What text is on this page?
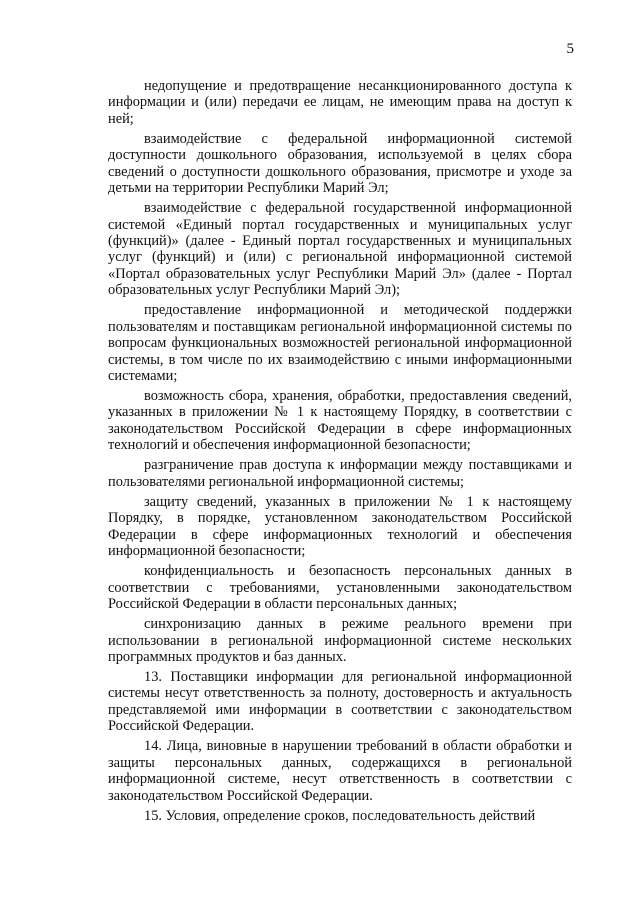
5

недопущение и предотвращение несанкционированного доступа к информации и (или) передачи ее лицам, не имеющим права на доступ к ней;

взаимодействие с федеральной информационной системой доступности дошкольного образования, используемой в целях сбора сведений о доступности дошкольного образования, присмотре и уходе за детьми на территории Республики Марий Эл;

взаимодействие с федеральной государственной информационной системой «Единый портал государственных и муниципальных услуг (функций)» (далее - Единый портал государственных и муниципальных услуг (функций) и (или) с региональной информационной системой «Портал образовательных услуг Республики Марий Эл» (далее - Портал образовательных услуг Республики Марий Эл);

предоставление информационной и методической поддержки пользователям и поставщикам региональной информационной системы по вопросам функциональных возможностей региональной информационной системы, в том числе по их взаимодействию с иными информационными системами;

возможность сбора, хранения, обработки, предоставления сведений, указанных в приложении № 1 к настоящему Порядку, в соответствии с законодательством Российской Федерации в сфере информационных технологий и обеспечения информационной безопасности;

разграничение прав доступа к информации между поставщиками и пользователями региональной информационной системы;

защиту сведений, указанных в приложении № 1 к настоящему Порядку, в порядке, установленном законодательством Российской Федерации в сфере информационных технологий и обеспечения информационной безопасности;

конфиденциальность и безопасность персональных данных в соответствии с требованиями, установленными законодательством Российской Федерации в области персональных данных;

синхронизацию данных в режиме реального времени при использовании в региональной информационной системе нескольких программных продуктов и баз данных.

13. Поставщики информации для региональной информационной системы несут ответственность за полноту, достоверность и актуальность представляемой ими информации в соответствии с законодательством Российской Федерации.

14. Лица, виновные в нарушении требований в области обработки и защиты персональных данных, содержащихся в региональной информационной системе, несут ответственность в соответствии с законодательством Российской Федерации.

15. Условия, определение сроков, последовательность действий
